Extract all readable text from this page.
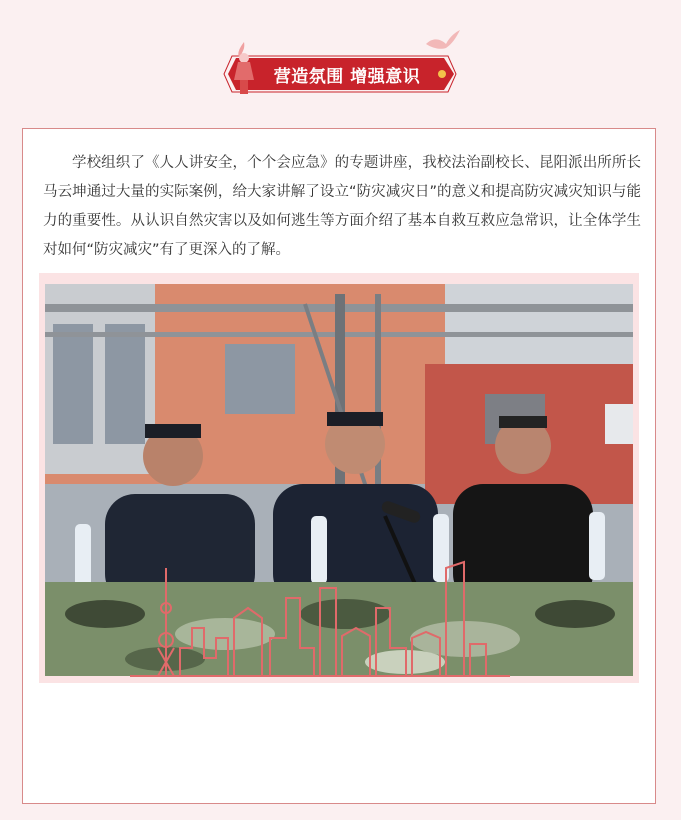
营造氛围 增强意识

学校组织了《人人讲安全，个个会应急》的专题讲座，我校法治副校长、昆阳派出所所长马云坤通过大量的实际案例，给大家讲解了设立“防灾减灾日”的意义和提高防灾减灾知识与能力的重要性。从认识自然灾害以及如何逃生等方面介绍了基本自救互救应急常识，让全体学生对如何“防灾减灾”有了更深入的了解。
